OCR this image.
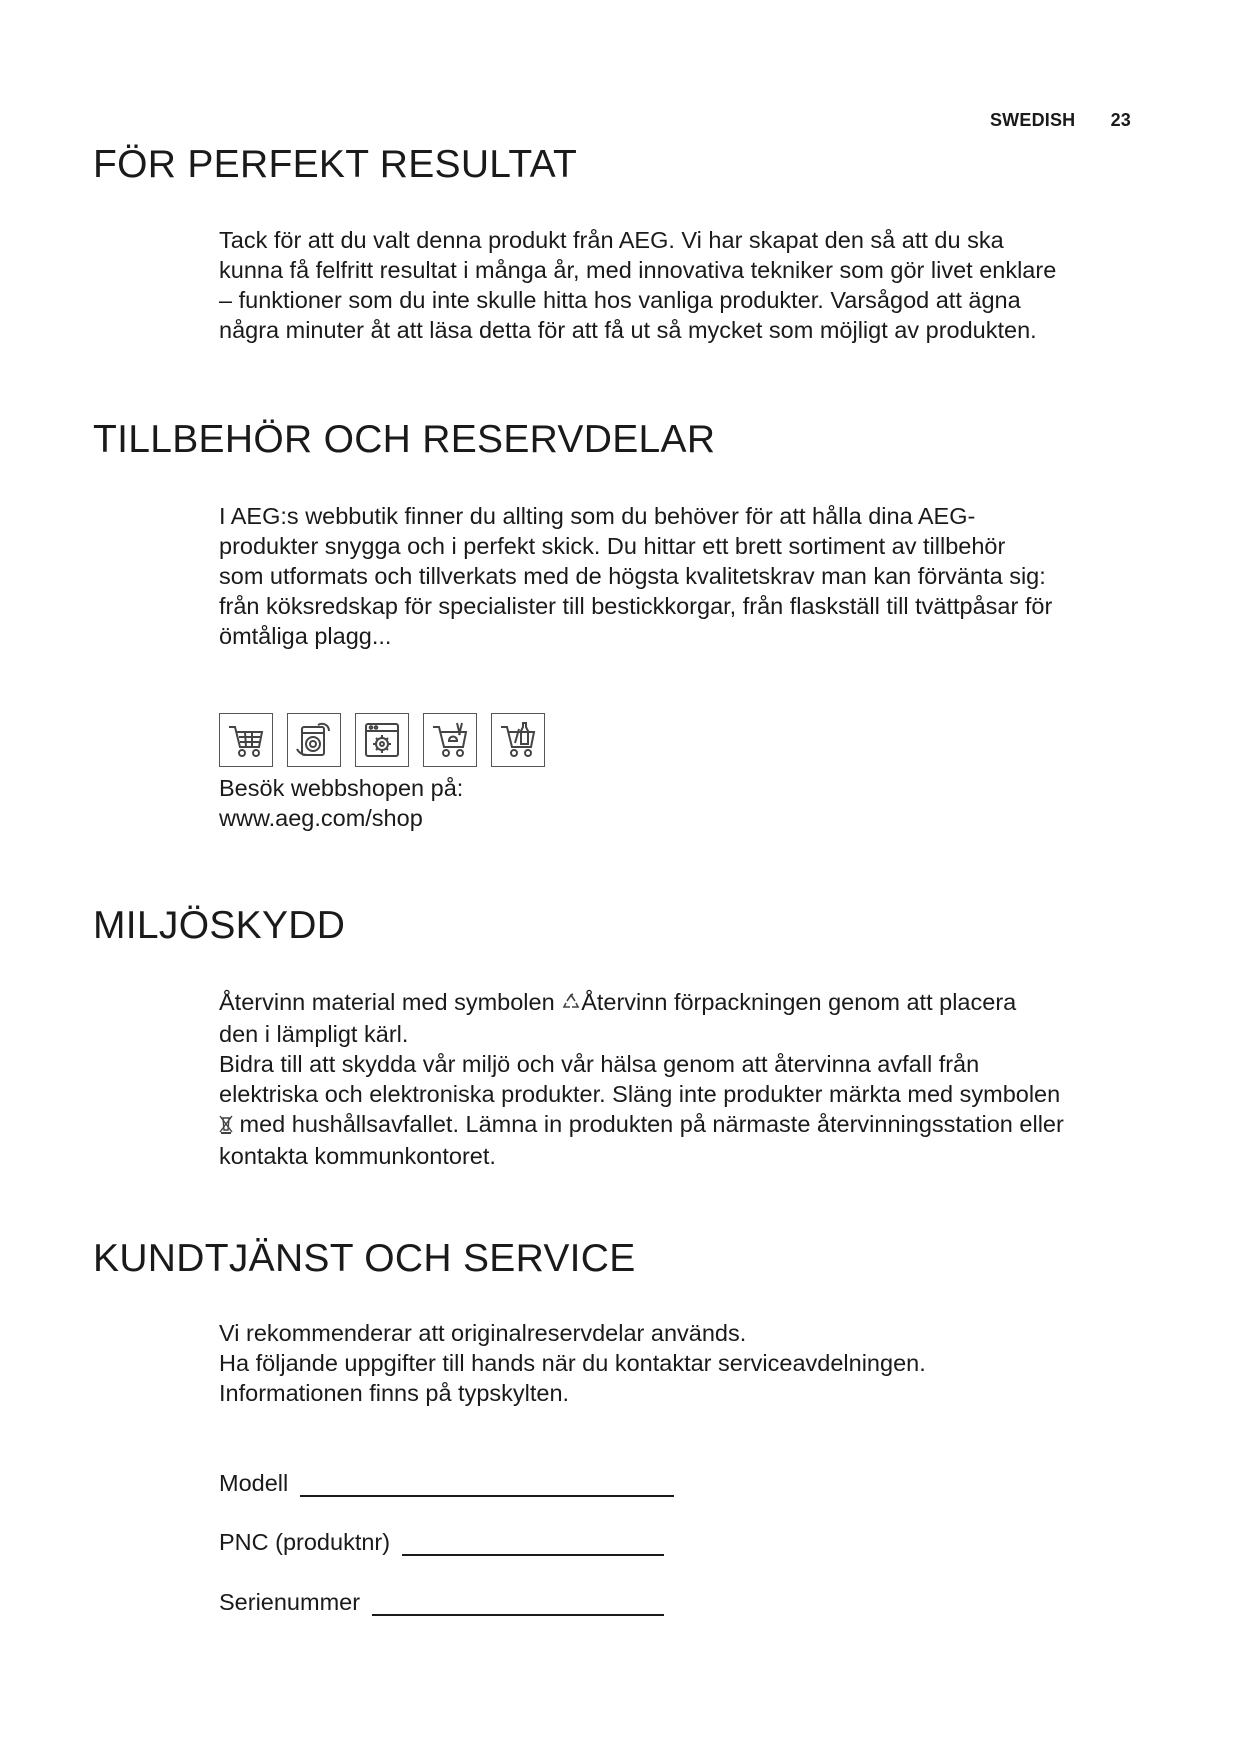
SWEDISH 23
FÖR PERFEKT RESULTAT

Tack för att du valt denna produkt från AEG. Vi har skapat den så att du ska

kunna få felfritt resultat i många år, med innovativa tekniker som gör livet enklare

– funktioner som du inte skulle hitta hos vanliga produkter. Varsågod att ägna

några minuter åt att läsa detta för att få ut så mycket som möjligt av produkten.

TILLBEHÖR OCH RESERVDELAR

I AEG:s webbutik finner du allting som du behöver för att hålla dina AEG-

produkter snygga och i perfekt skick. Du hittar ett brett sortiment av tillbehör

som utformats och tillverkats med de högsta kvalitetskrav man kan förvänta sig:

från köksredskap för specialister till bestickkorgar, från flaskställ till tvättpåsar för

ömtåliga plagg...

Besök webbshopen på:

www.aeg.com/shop

MILJÖSKYDD

Återvinn material med symbolen Återvinn förpackningen genom att placera

den i lämpligt kärl.

Bidra till att skydda vår miljö och vår hälsa genom att återvinna avfall från

elektriska och elektroniska produkter. Släng inte produkter märkta med symbolen

med hushållsavfallet. Lämna in produkten på närmaste återvinningsstation eller

kontakta kommunkontoret.

KUNDTJÄNST OCH SERVICE

Vi rekommenderar att originalreservdelar används.

Ha följande uppgifter till hands när du kontaktar serviceavdelningen.

Informationen finns på typskylten.

Modell
PNC (produktnr)
Serienummer
